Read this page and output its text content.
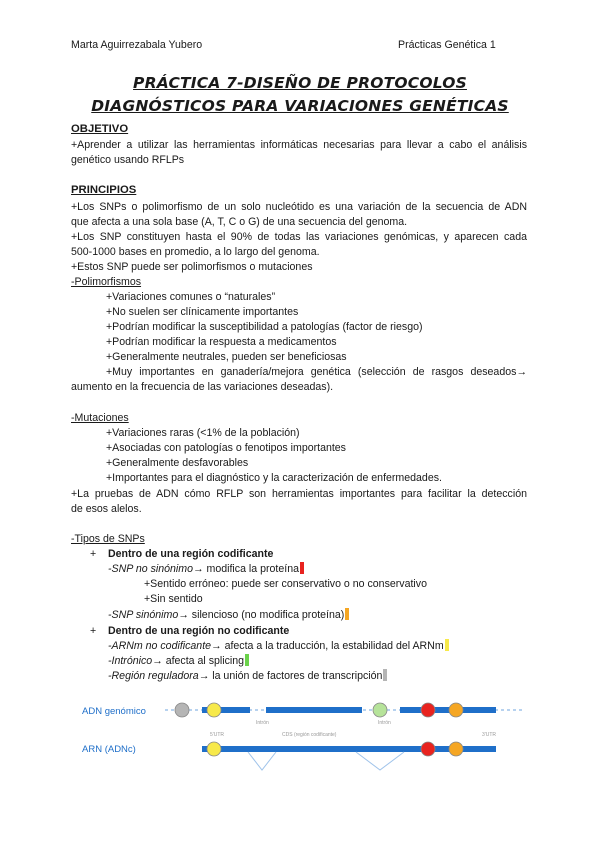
Marta Aguirrezabala Yubero	Prácticas Genética 1
PRÁCTICA 7-DISEÑO DE PROTOCOLOS
DIAGNÓSTICOS PARA VARIACIONES GENÉTICAS
OBJETIVO
+Aprender a utilizar las herramientas informáticas necesarias para llevar a cabo el análisis
genético usando RFLPs
PRINCIPIOS
+Los SNPs o polimorfismo de un solo nucleótido es una variación de la secuencia de ADN
que afecta a una sola base (A, T, C o G) de una secuencia del genoma.
+Los SNP constituyen hasta el 90% de todas las variaciones genómicas, y aparecen cada
500-1000 bases en promedio, a lo largo del genoma.
+Estos SNP puede ser polimorfismos o mutaciones
-Polimorfismos
+Variaciones comunes o “naturales”
+No suelen ser clínicamente importantes
+Podrían modificar la susceptibilidad a patologías (factor de riesgo)
+Podrían modificar la respuesta a medicamentos
+Generalmente neutrales, pueden ser beneficiosas
+Muy importantes en ganadería/mejora genética (selección de rasgos deseados→
aumento en la frecuencia de las variaciones deseadas).
-Mutaciones
+Variaciones raras (<1% de la población)
+Asociadas con patologías o fenotipos importantes
+Generalmente desfavorables
+Importantes para el diagnóstico y la caracterización de enfermedades.
+La pruebas de ADN cómo RFLP son herramientas importantes para facilitar la detección
de esos alelos.
-Tipos de SNPs
+ Dentro de una región codificante
-SNP no sinónimo→ modifica la proteína
+Sentido erróneo: puede ser conservativo o no conservativo
+Sin sentido
-SNP sinónimo→ silencioso (no modifica proteína)
+ Dentro de una región no codificante
-ARNm no codificante→ afecta a la traducción, la estabilidad del ARNm
-Intrónico→ afecta al splicing
-Región reguladora→ la unión de factores de transcripción
ADN genómico
ARN (ADNc)
Intrón	Intrón
5'UTR	CDS (región codificante)	3'UTR
